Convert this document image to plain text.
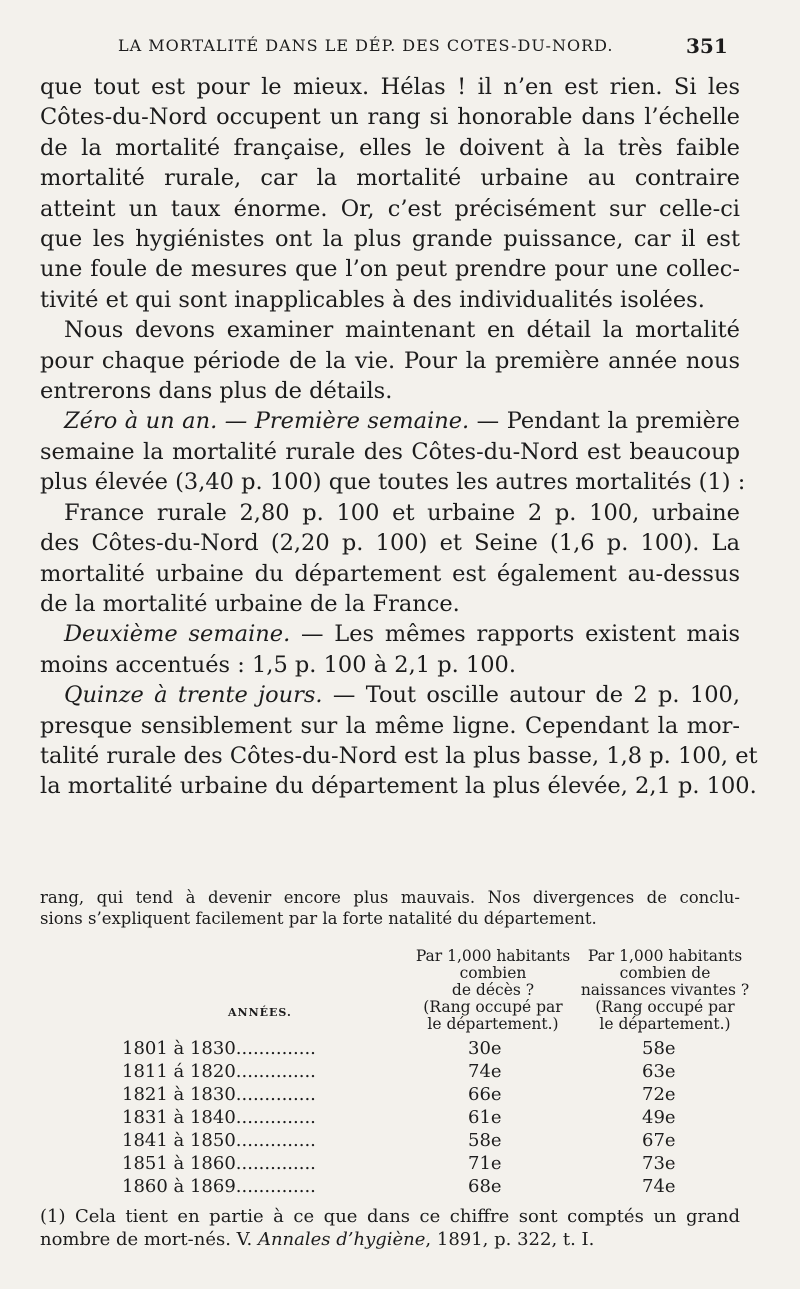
LA MORTALITÉ DANS LE DÉP. DES COTES-DU-NORD.	351

que tout est pour le mieux. Hélas ! il n’en est rien. Si les

Côtes-du-Nord occupent un rang si honorable dans l’échelle

de la mortalité française, elles le doivent à la très faible

mortalité rurale, car la mortalité urbaine au contraire

atteint un taux énorme. Or, c’est précisément sur celle-ci

que les hygiénistes ont la plus grande puissance, car il est

une foule de mesures que l’on peut prendre pour une collec-

tivité et qui sont inapplicables à des individualités isolées.

Nous devons examiner maintenant en détail la mortalité

pour chaque période de la vie. Pour la première année nous

entrerons dans plus de détails.

Zéro à un an. — Première semaine. — Pendant la première

semaine la mortalité rurale des Côtes-du-Nord est beaucoup

plus élevée (3,40 p. 100) que toutes les autres mortalités (1) :

France rurale 2,80 p. 100 et urbaine 2 p. 100, urbaine

des Côtes-du-Nord (2,20 p. 100) et Seine (1,6 p. 100). La

mortalité urbaine du département est également au-dessus

de la mortalité urbaine de la France.

Deuxième semaine. — Les mêmes rapports existent mais

moins accentués : 1,5 p. 100 à 2,1 p. 100.

Quinze à trente jours. — Tout oscille autour de 2 p. 100,

presque sensiblement sur la même ligne. Cependant la mor-

talité rurale des Côtes-du-Nord est la plus basse, 1,8 p. 100, et

la mortalité urbaine du département la plus élevée, 2,1 p. 100.

rang, qui tend à devenir encore plus mauvais. Nos divergences de conclu-

sions s’expliquent facilement par la forte natalité du département.

ANNÉES.
Par 1,000 habitants
combien
de décès ?
(Rang occupé par
le département.)
Par 1,000 habitants
combien de
naissances vivantes ?
(Rang occupé par
le département.)
1801 à 1830..............	30e	58e
1811 á 1820..............	74e	63e
1821 à 1830..............	66e	72e
1831 à 1840..............	61e	49e
1841 à 1850..............	58e	67e
1851 à 1860..............	71e	73e
1860 à 1869..............	68e	74e

(1) Cela tient en partie à ce que dans ce chiffre sont comptés un grand

nombre de mort-nés. V. Annales d’hygiène, 1891, p. 322, t. I.
